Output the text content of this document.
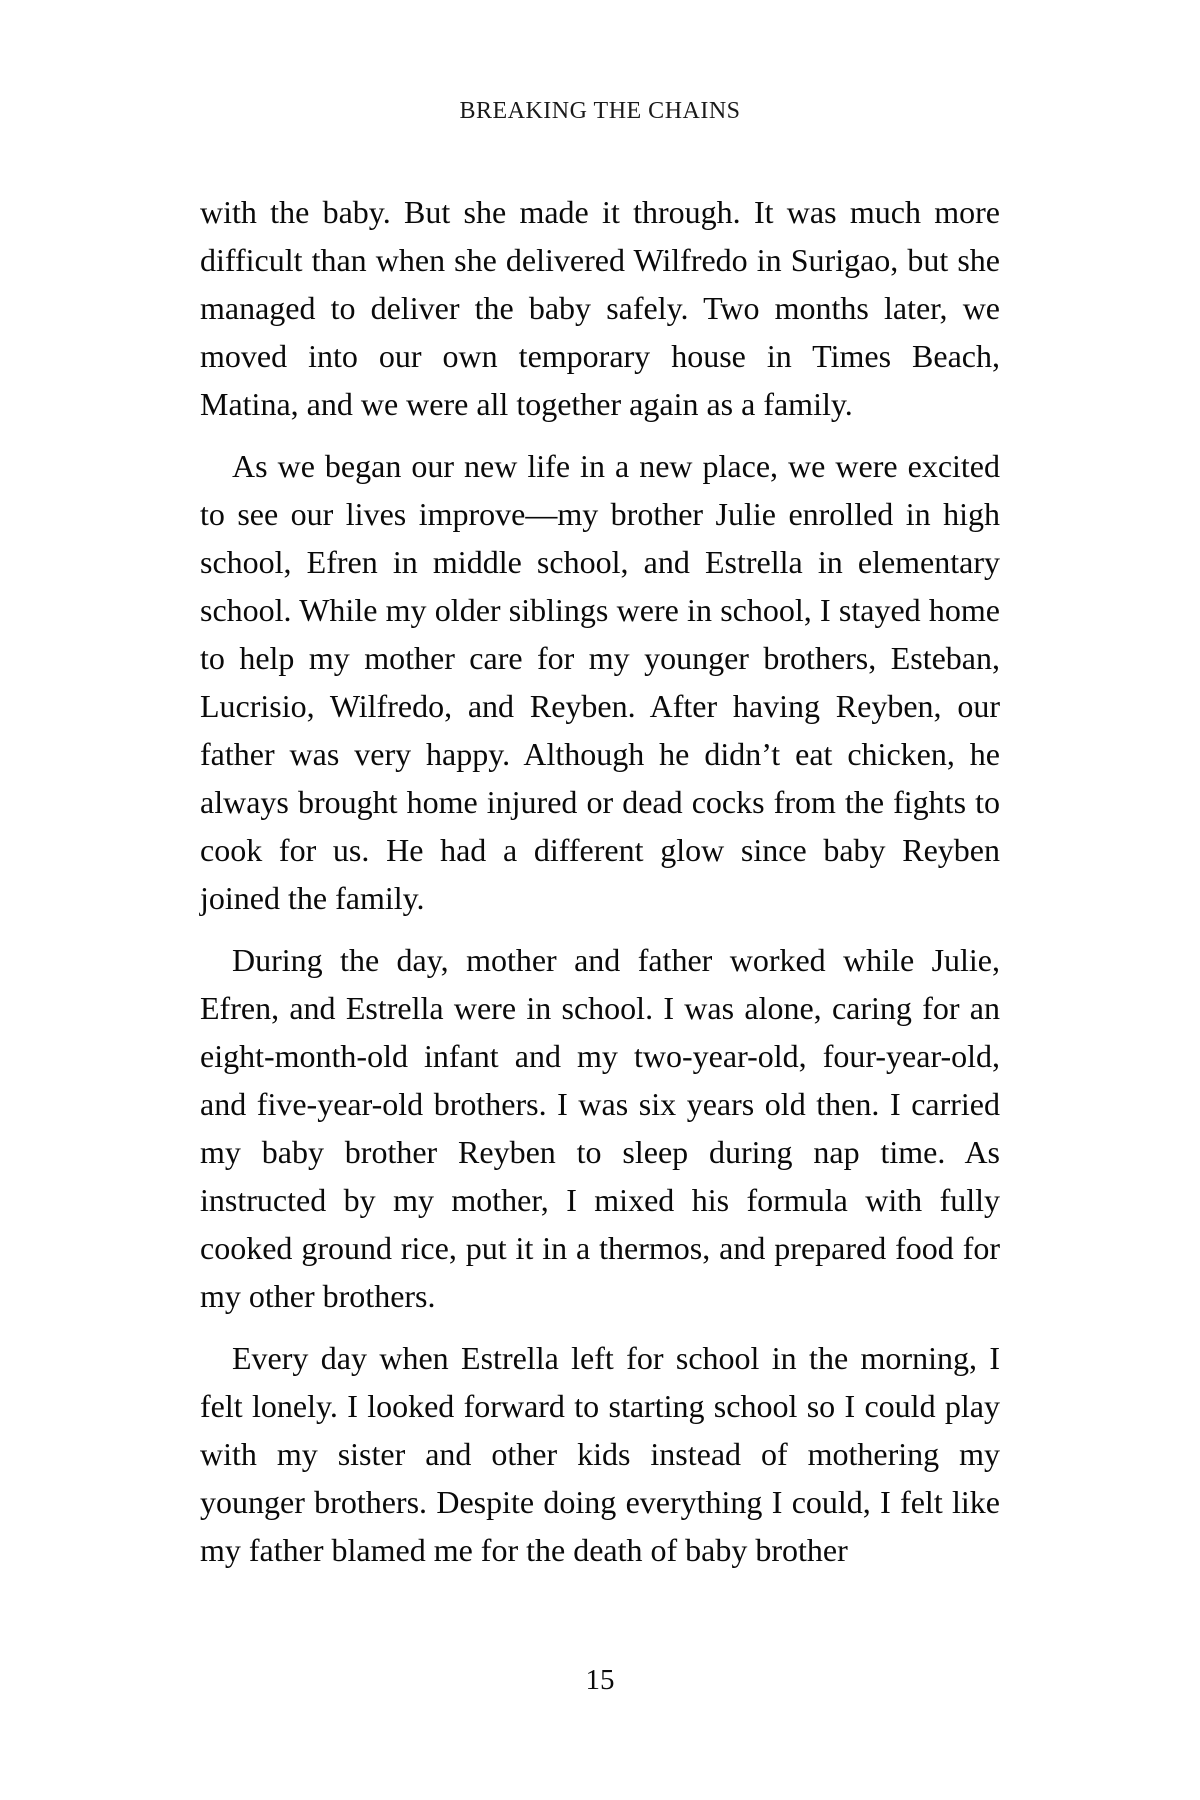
BREAKING THE CHAINS

with the baby. But she made it through. It was much more difficult than when she delivered Wilfredo in Surigao, but she managed to deliver the baby safely. Two months later, we moved into our own temporary house in Times Beach, Matina, and we were all together again as a family.

As we began our new life in a new place, we were excited to see our lives improve—my brother Julie enrolled in high school, Efren in middle school, and Estrella in elementary school. While my older siblings were in school, I stayed home to help my mother care for my younger brothers, Esteban, Lucrisio, Wilfredo, and Reyben. After having Reyben, our father was very happy. Although he didn’t eat chicken, he always brought home injured or dead cocks from the fights to cook for us. He had a different glow since baby Reyben joined the family.

During the day, mother and father worked while Julie, Efren, and Estrella were in school. I was alone, caring for an eight-month-old infant and my two-year-old, four-year-old, and five-year-old brothers. I was six years old then. I carried my baby brother Reyben to sleep during nap time. As instructed by my mother, I mixed his formula with fully cooked ground rice, put it in a thermos, and prepared food for my other brothers.

Every day when Estrella left for school in the morning, I felt lonely. I looked forward to starting school so I could play with my sister and other kids instead of mothering my younger brothers. Despite doing everything I could, I felt like my father blamed me for the death of baby brother

15
